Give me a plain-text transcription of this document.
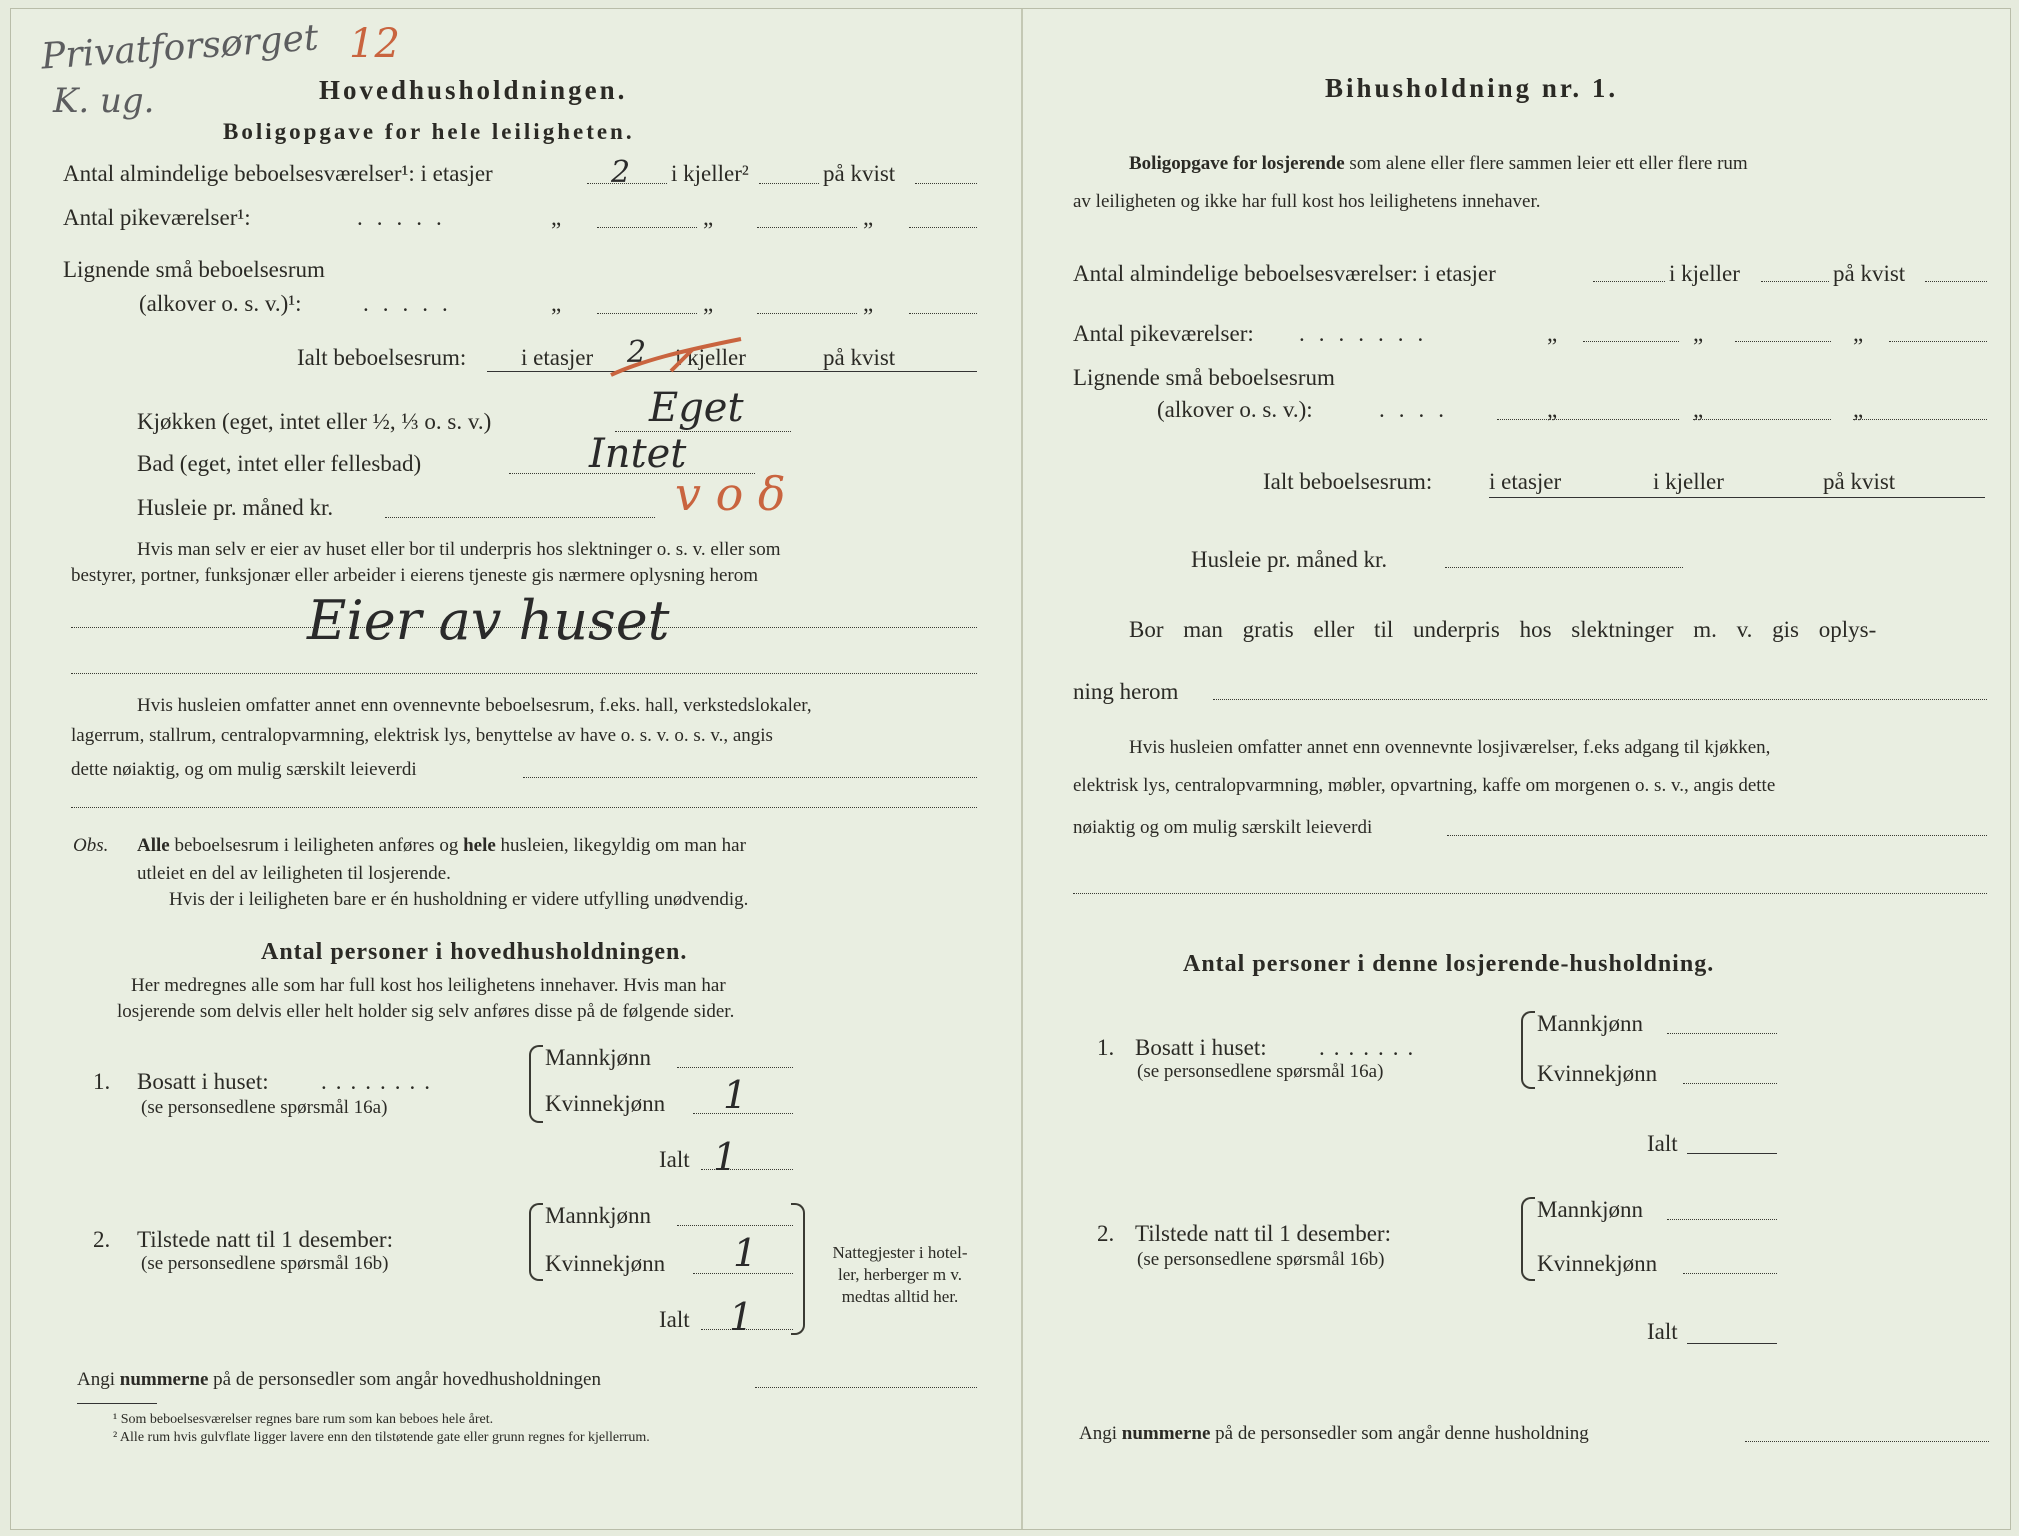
Privatforsørget 12
K. ug.	Hovedhusholdningen.
Boligopgave for hele leiligheten.
Antal almindelige beboelsesværelser¹: i etasjer	2 i kjeller²	på kvist
Antal pikeværelser¹:	.....	„	„	„
Lignende små beboelsesrum
(alkover o. s. v.)¹:	.....	„	„	„
Ialt beboelsesrum: i etasjer 2 i kjeller	på kvist
Kjøkken (eget, intet eller ½, ⅓ o. s. v.)	Eget
Bad (eget, intet eller fellesbad)	Intet
Husleie pr. måned kr.	v o δ
Hvis man selv er eier av huset eller bor til underpris hos slektninger o. s. v. eller som
bestyrer, portner, funksjonær eller arbeider i eierens tjeneste gis nærmere oplysning herom
Eier av huset
Hvis husleien omfatter annet enn ovennevnte beboelsesrum, f.eks. hall, verkstedslokaler,
lagerrum, stallrum, centralopvarmning, elektrisk lys, benyttelse av have o. s. v. o. s. v., angis
dette nøiaktig, og om mulig særskilt leieverdi
Obs. Alle beboelsesrum i leiligheten anføres og hele husleien, likegyldig om man har
utleiet en del av leiligheten til losjerende.
Hvis der i leiligheten bare er én husholdning er videre utfylling unødvendig.
Antal personer i hovedhusholdningen.
Her medregnes alle som har full kost hos leilighetens innehaver. Hvis man har
losjerende som delvis eller helt holder sig selv anføres disse på de følgende sider.
1. Bosatt i huset: ........
(se personsedlene spørsmål 16a)
Mannkjønn
Kvinnekjønn 1
Ialt 1
2. Tilstede natt til 1 desember:
(se personsedlene spørsmål 16b)
Mannkjønn
Kvinnekjønn 1
Ialt 1
Nattegjester i hotel-
ler, herberger m v.
medtas alltid her.
Angi nummerne på de personsedler som angår hovedhusholdningen
¹ Som beboelsesværelser regnes bare rum som kan beboes hele året.
² Alle rum hvis gulvflate ligger lavere enn den tilstøtende gate eller grunn regnes for kjellerrum.
Bihusholdning nr. 1.
Boligopgave for losjerende som alene eller flere sammen leier ett eller flere rum
av leiligheten og ikke har full kost hos leilighetens innehaver.
Antal almindelige beboelsesværelser: i etasjer	i kjeller	på kvist
Antal pikeværelser: .......	„	„	„
Lignende små beboelsesrum
(alkover o. s. v.):	....	„	„	„
Ialt beboelsesrum: i etasjer	i kjeller	på kvist
Husleie pr. måned kr.
Bor man gratis eller til underpris hos slektninger m. v. gis oplys-
ning herom
Hvis husleien omfatter annet enn ovennevnte losjiværelser, f.eks adgang til kjøkken,
elektrisk lys, centralopvarmning, møbler, opvartning, kaffe om morgenen o. s. v., angis dette
nøiaktig og om mulig særskilt leieverdi
Antal personer i denne losjerende-husholdning.
1. Bosatt i huset: .......
(se personsedlene spørsmål 16a)
Mannkjønn
Kvinnekjønn
Ialt
2. Tilstede natt til 1 desember:
(se personsedlene spørsmål 16b)
Mannkjønn
Kvinnekjønn
Ialt
Angi nummerne på de personsedler som angår denne husholdning
